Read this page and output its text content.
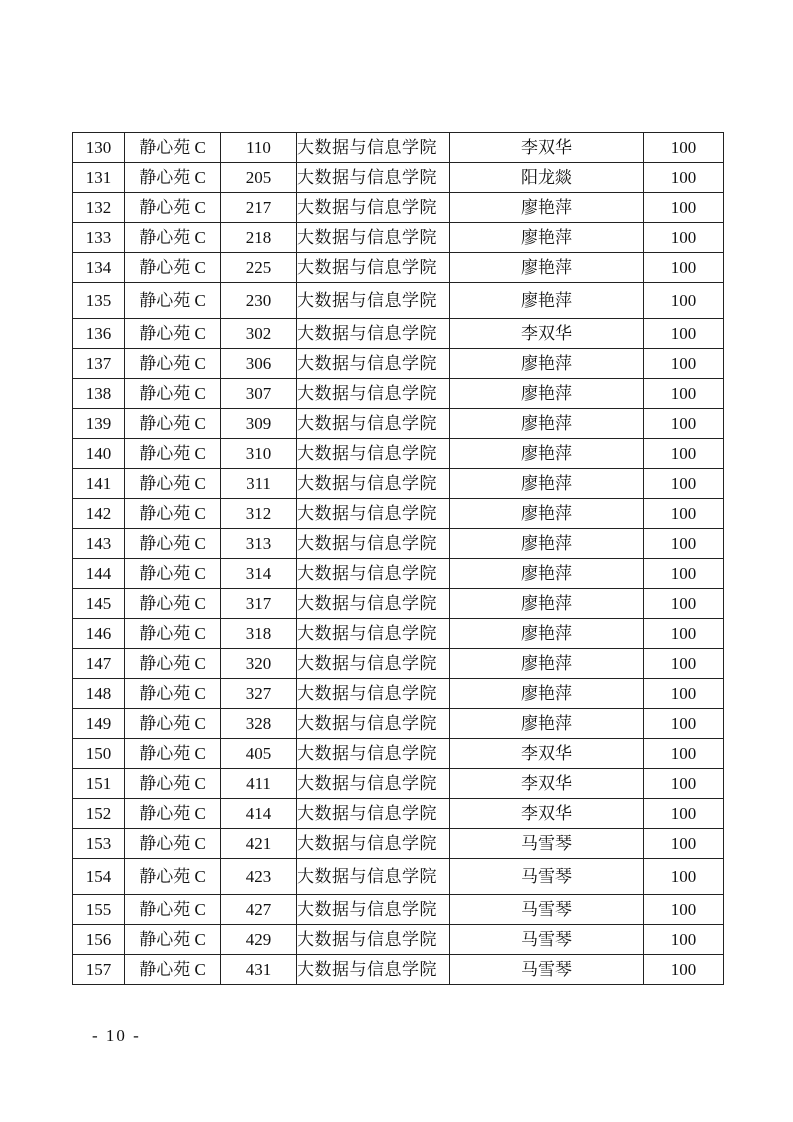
130	静心苑 C	110	大数据与信息学院	李双华	100
131	静心苑 C	205	大数据与信息学院	阳龙燚	100
132	静心苑 C	217	大数据与信息学院	廖艳萍	100
133	静心苑 C	218	大数据与信息学院	廖艳萍	100
134	静心苑 C	225	大数据与信息学院	廖艳萍	100
135	静心苑 C	230	大数据与信息学院	廖艳萍	100
136	静心苑 C	302	大数据与信息学院	李双华	100
137	静心苑 C	306	大数据与信息学院	廖艳萍	100
138	静心苑 C	307	大数据与信息学院	廖艳萍	100
139	静心苑 C	309	大数据与信息学院	廖艳萍	100
140	静心苑 C	310	大数据与信息学院	廖艳萍	100
141	静心苑 C	311	大数据与信息学院	廖艳萍	100
142	静心苑 C	312	大数据与信息学院	廖艳萍	100
143	静心苑 C	313	大数据与信息学院	廖艳萍	100
144	静心苑 C	314	大数据与信息学院	廖艳萍	100
145	静心苑 C	317	大数据与信息学院	廖艳萍	100
146	静心苑 C	318	大数据与信息学院	廖艳萍	100
147	静心苑 C	320	大数据与信息学院	廖艳萍	100
148	静心苑 C	327	大数据与信息学院	廖艳萍	100
149	静心苑 C	328	大数据与信息学院	廖艳萍	100
150	静心苑 C	405	大数据与信息学院	李双华	100
151	静心苑 C	411	大数据与信息学院	李双华	100
152	静心苑 C	414	大数据与信息学院	李双华	100
153	静心苑 C	421	大数据与信息学院	马雪琴	100
154	静心苑 C	423	大数据与信息学院	马雪琴	100
155	静心苑 C	427	大数据与信息学院	马雪琴	100
156	静心苑 C	429	大数据与信息学院	马雪琴	100
157	静心苑 C	431	大数据与信息学院	马雪琴	100
- 10 -
